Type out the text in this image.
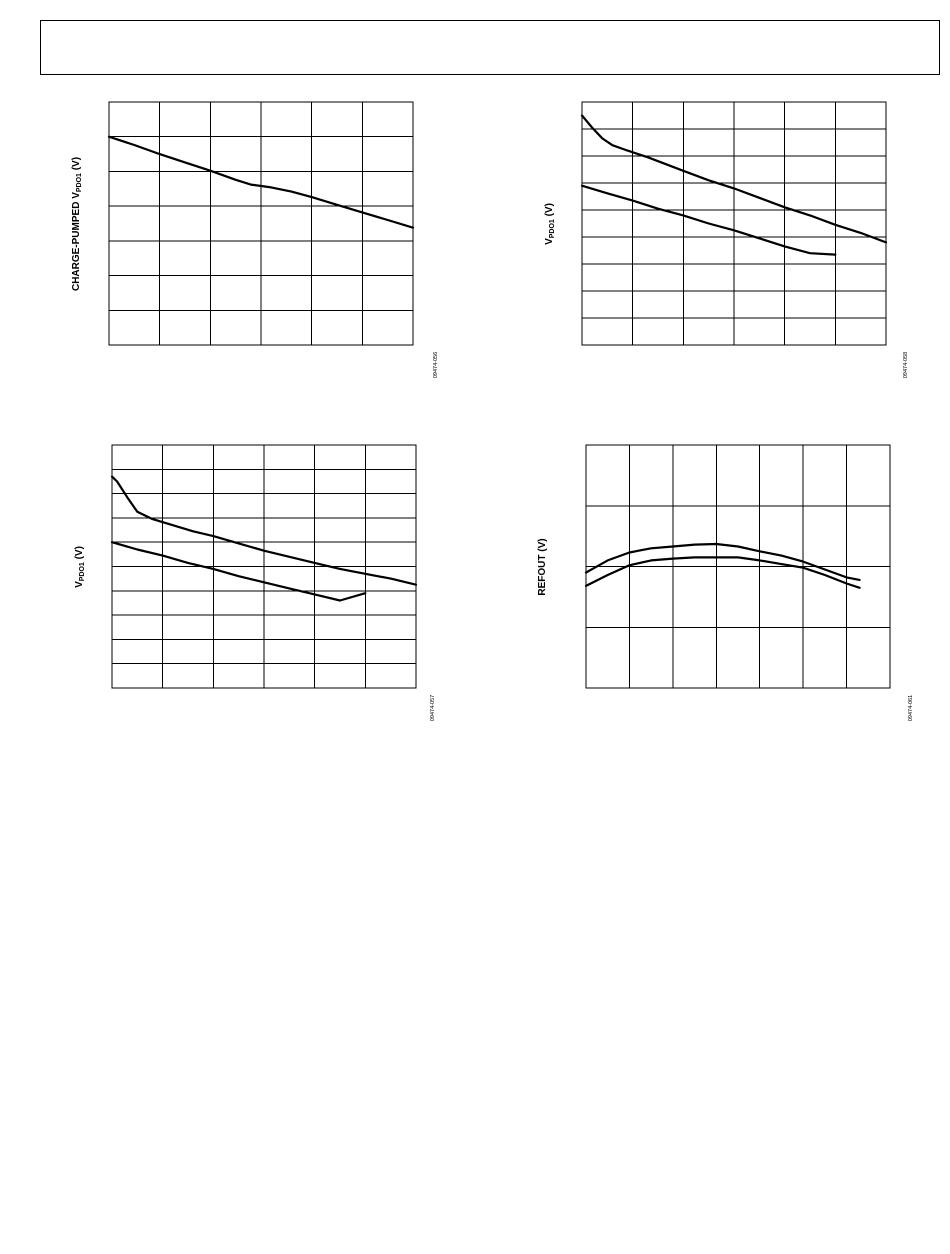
CHARGE-PUMPED $V_{PDO1}$ (V)
09474-056
$V_{PDO1}$ (V)
09474-058
$V_{PDO1}$ (V)
09474-057
REFOUT (V)
09474-061
